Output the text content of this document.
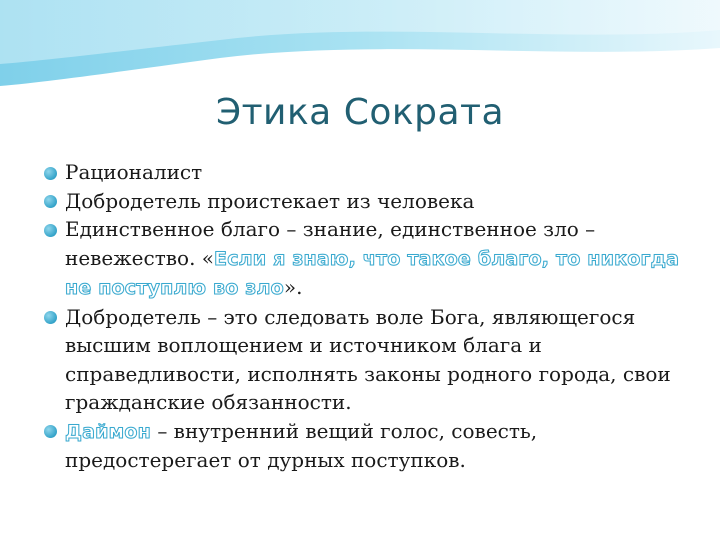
Этика Сократа
Рационалист
Добродетель проистекает из человека
Единственное благо – знание, единственное зло – невежество. «Если я знаю, что такое благо, то никогда не поступлю во зло».
Добродетель – это следовать воле Бога, являющегося высшим воплощением и источником блага и справедливости, исполнять законы родного города, свои гражданские обязанности.
Даймон – внутренний вещий голос, совесть, предостерегает от дурных поступков.
